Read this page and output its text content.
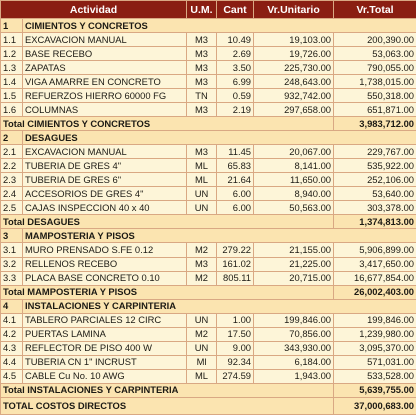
Actividad		U.M.	Cant	Vr.Unitario	Vr.Total
1	CIMIENTOS Y CONCRETOS				
1.1	EXCAVACION MANUAL	M3	10.49	19,103.00	200,390.00
1.2	BASE RECEBO	M3	2.69	19,726.00	53,063.00
1.3	ZAPATAS	M3	3.50	225,730.00	790,055.00
1.4	VIGA AMARRE EN CONCRETO	M3	6.99	248,643.00	1,738,015.00
1.5	REFUERZOS HIERRO 60000 FG	TN	0.59	932,742.00	550,318.00
1.6	COLUMNAS	M3	2.19	297,658.00	651,871.00
Total CIMIENTOS Y CONCRETOS					3,983,712.00
2	DESAGUES				
2.1	EXCAVACION MANUAL	M3	11.45	20,067.00	229,767.00
2.2	TUBERIA DE GRES 4"	ML	65.83	8,141.00	535,922.00
2.3	TUBERIA DE GRES 6"	ML	21.64	11,650.00	252,106.00
2.4	ACCESORIOS DE GRES 4"	UN	6.00	8,940.00	53,640.00
2.5	CAJAS INSPECCION 40 x 40	UN	6.00	50,563.00	303,378.00
Total DESAGUES					1,374,813.00
3	MAMPOSTERIA Y PISOS				
3.1	MURO PRENSADO S.FE 0.12	M2	279.22	21,155.00	5,906,899.00
3.2	RELLENOS RECEBO	M3	161.02	21,225.00	3,417,650.00
3.3	PLACA BASE CONCRETO 0.10	M2	805.11	20,715.00	16,677,854.00
Total MAMPOSTERIA Y PISOS					26,002,403.00
4	INSTALACIONES Y CARPINTERIA				
4.1	TABLERO PARCIALES 12 CIRC	UN	1.00	199,846.00	199,846.00
4.2	PUERTAS LAMINA	M2	17.50	70,856.00	1,239,980.00
4.3	REFLECTOR DE PISO 400 W	UN	9.00	343,930.00	3,095,370.00
4.4	TUBERIA CN 1" INCRUST	Ml	92.34	6,184.00	571,031.00
4.5	CABLE Cu No. 10 AWG	ML	274.59	1,943.00	533,528.00
Total INSTALACIONES Y CARPINTERIA					5,639,755.00
TOTAL COSTOS DIRECTOS					37,000,683.00
